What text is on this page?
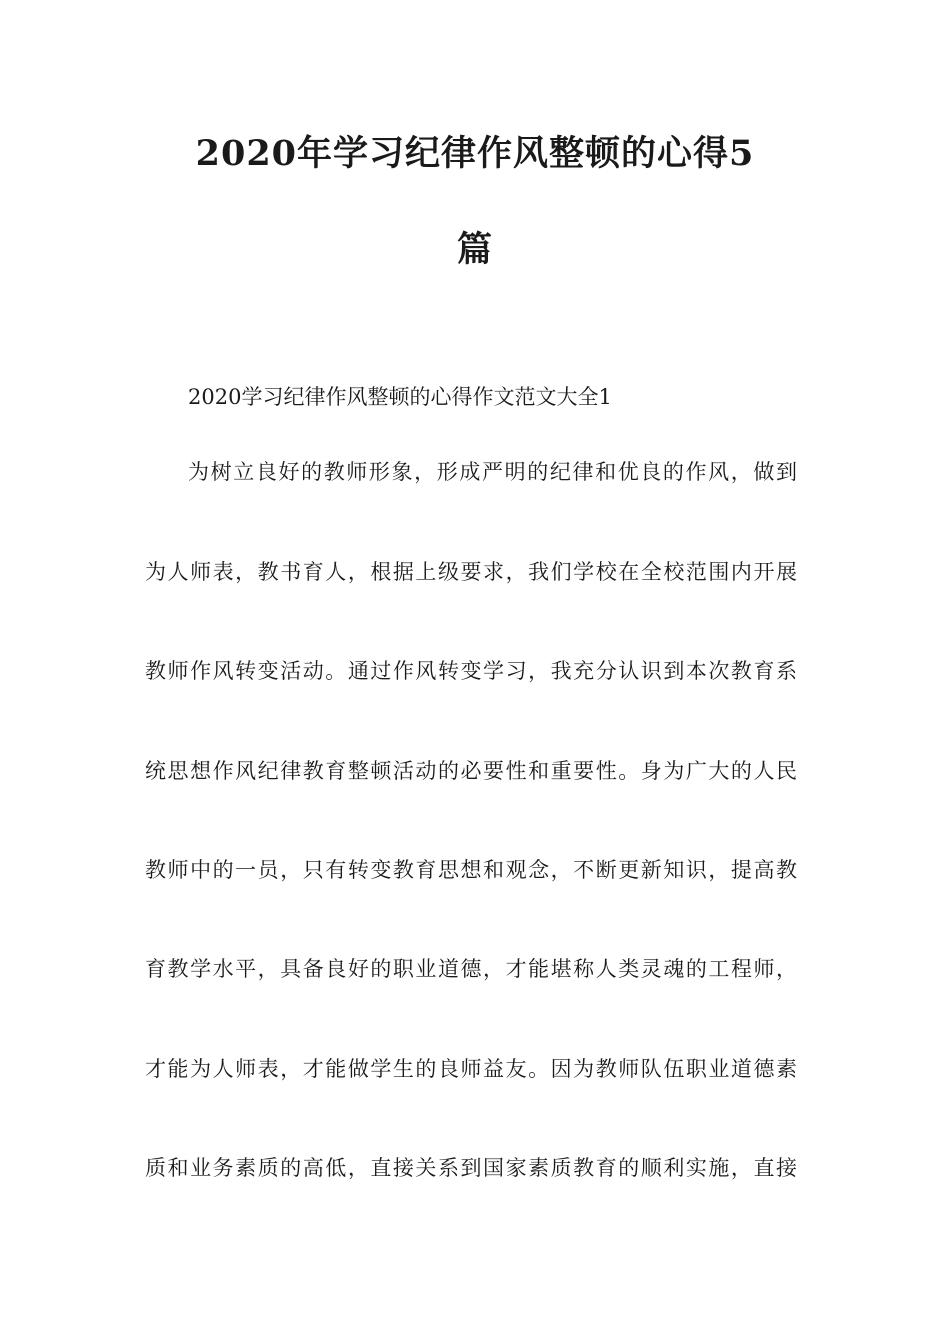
2020年学习纪律作风整顿的心得5
篇

2020学习纪律作风整顿的心得作文范文大全1

为树立良好的教师形象，形成严明的纪律和优良的作风，做到

为人师表，教书育人，根据上级要求，我们学校在全校范围内开展

教师作风转变活动。通过作风转变学习，我充分认识到本次教育系

统思想作风纪律教育整顿活动的必要性和重要性。身为广大的人民

教师中的一员，只有转变教育思想和观念，不断更新知识，提高教

育教学水平，具备良好的职业道德，才能堪称人类灵魂的工程师，

才能为人师表，才能做学生的良师益友。因为教师队伍职业道德素

质和业务素质的高低，直接关系到国家素质教育的顺利实施，直接
